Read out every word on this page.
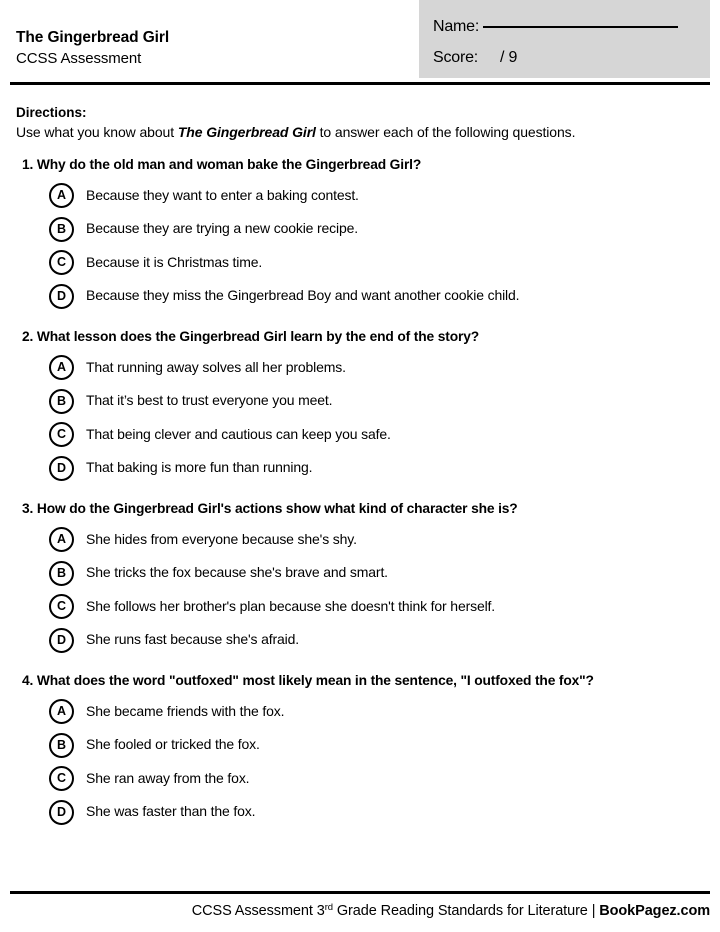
The Gingerbread Girl
CCSS Assessment
Name:
Score: / 9
Directions:
Use what you know about The Gingerbread Girl to answer each of the following questions.
1. Why do the old man and woman bake the Gingerbread Girl?
A	Because they want to enter a baking contest.
B	Because they are trying a new cookie recipe.
C	Because it is Christmas time.
D	Because they miss the Gingerbread Boy and want another cookie child.
2. What lesson does the Gingerbread Girl learn by the end of the story?
A	That running away solves all her problems.
B	That it’s best to trust everyone you meet.
C	That being clever and cautious can keep you safe.
D	That baking is more fun than running.
3. How do the Gingerbread Girl's actions show what kind of character she is?
A	She hides from everyone because she's shy.
B	She tricks the fox because she's brave and smart.
C	She follows her brother's plan because she doesn't think for herself.
D	She runs fast because she's afraid.
4. What does the word "outfoxed" most likely mean in the sentence, "I outfoxed the fox"?
A	She became friends with the fox.
B	She fooled or tricked the fox.
C	She ran away from the fox.
D	She was faster than the fox.
CCSS Assessment 3rd Grade Reading Standards for Literature | BookPagez.com
